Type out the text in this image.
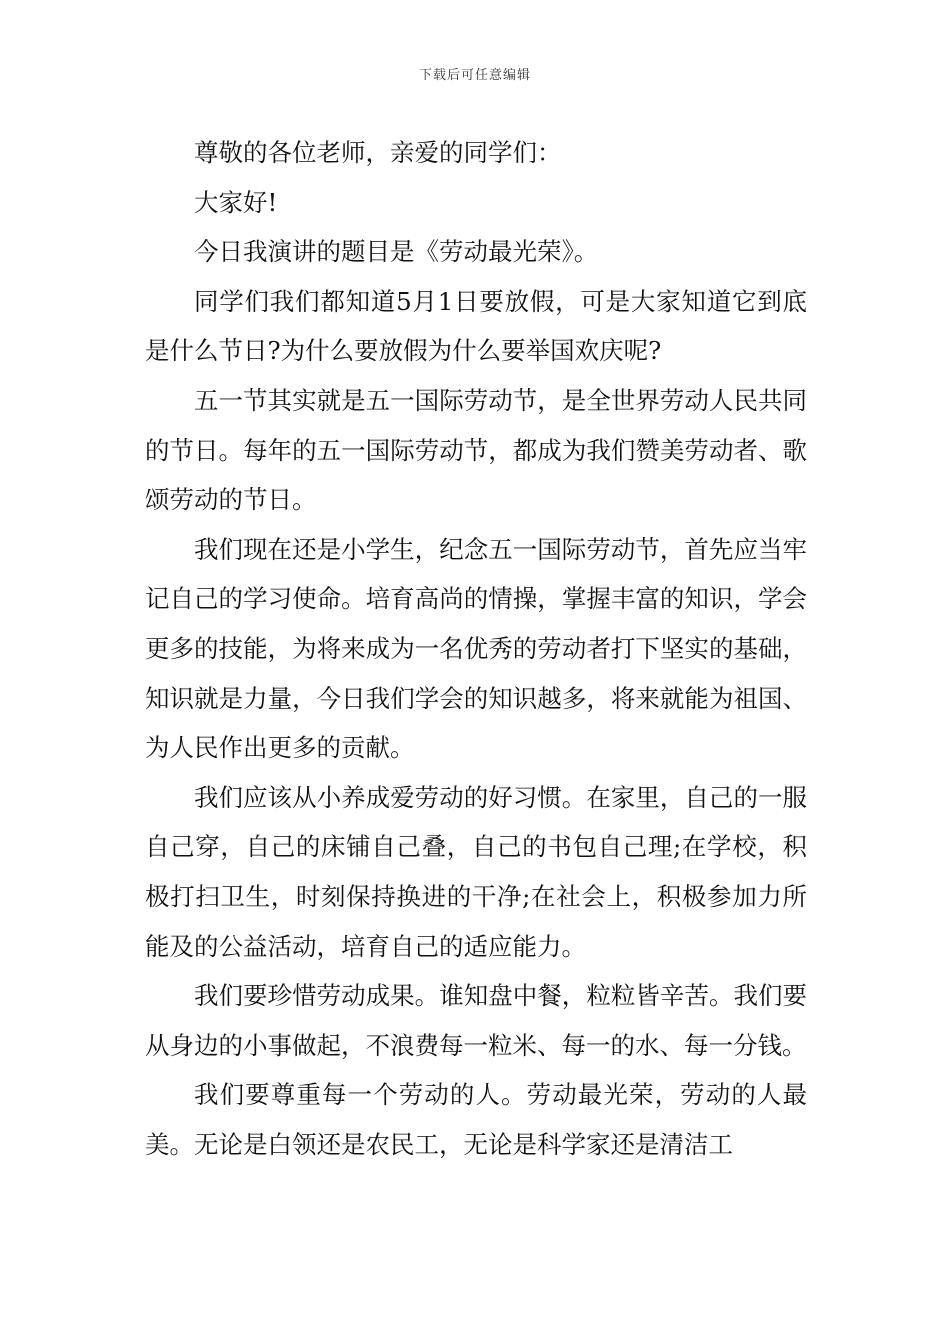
下载后可任意编辑

尊敬的各位老师，亲爱的同学们：

大家好!

今日我演讲的题目是《劳动最光荣》。

同学们我们都知道5月1日要放假，可是大家知道它到底是什么节日?为什么要放假为什么要举国欢庆呢?

五一节其实就是五一国际劳动节，是全世界劳动人民共同的节日。每年的五一国际劳动节，都成为我们赞美劳动者、歌颂劳动的节日。

我们现在还是小学生，纪念五一国际劳动节，首先应当牢记自己的学习使命。培育高尚的情操，掌握丰富的知识，学会更多的技能，为将来成为一名优秀的劳动者打下坚实的基础，知识就是力量，今日我们学会的知识越多，将来就能为祖国、为人民作出更多的贡献。

我们应该从小养成爱劳动的好习惯。在家里，自己的一服自己穿，自己的床铺自己叠，自己的书包自己理;在学校，积极打扫卫生，时刻保持换进的干净;在社会上，积极参加力所能及的公益活动，培育自己的适应能力。

我们要珍惜劳动成果。谁知盘中餐，粒粒皆辛苦。我们要从身边的小事做起，不浪费每一粒米、每一的水、每一分钱。

我们要尊重每一个劳动的人。劳动最光荣，劳动的人最美。无论是白领还是农民工，无论是科学家还是清洁工
